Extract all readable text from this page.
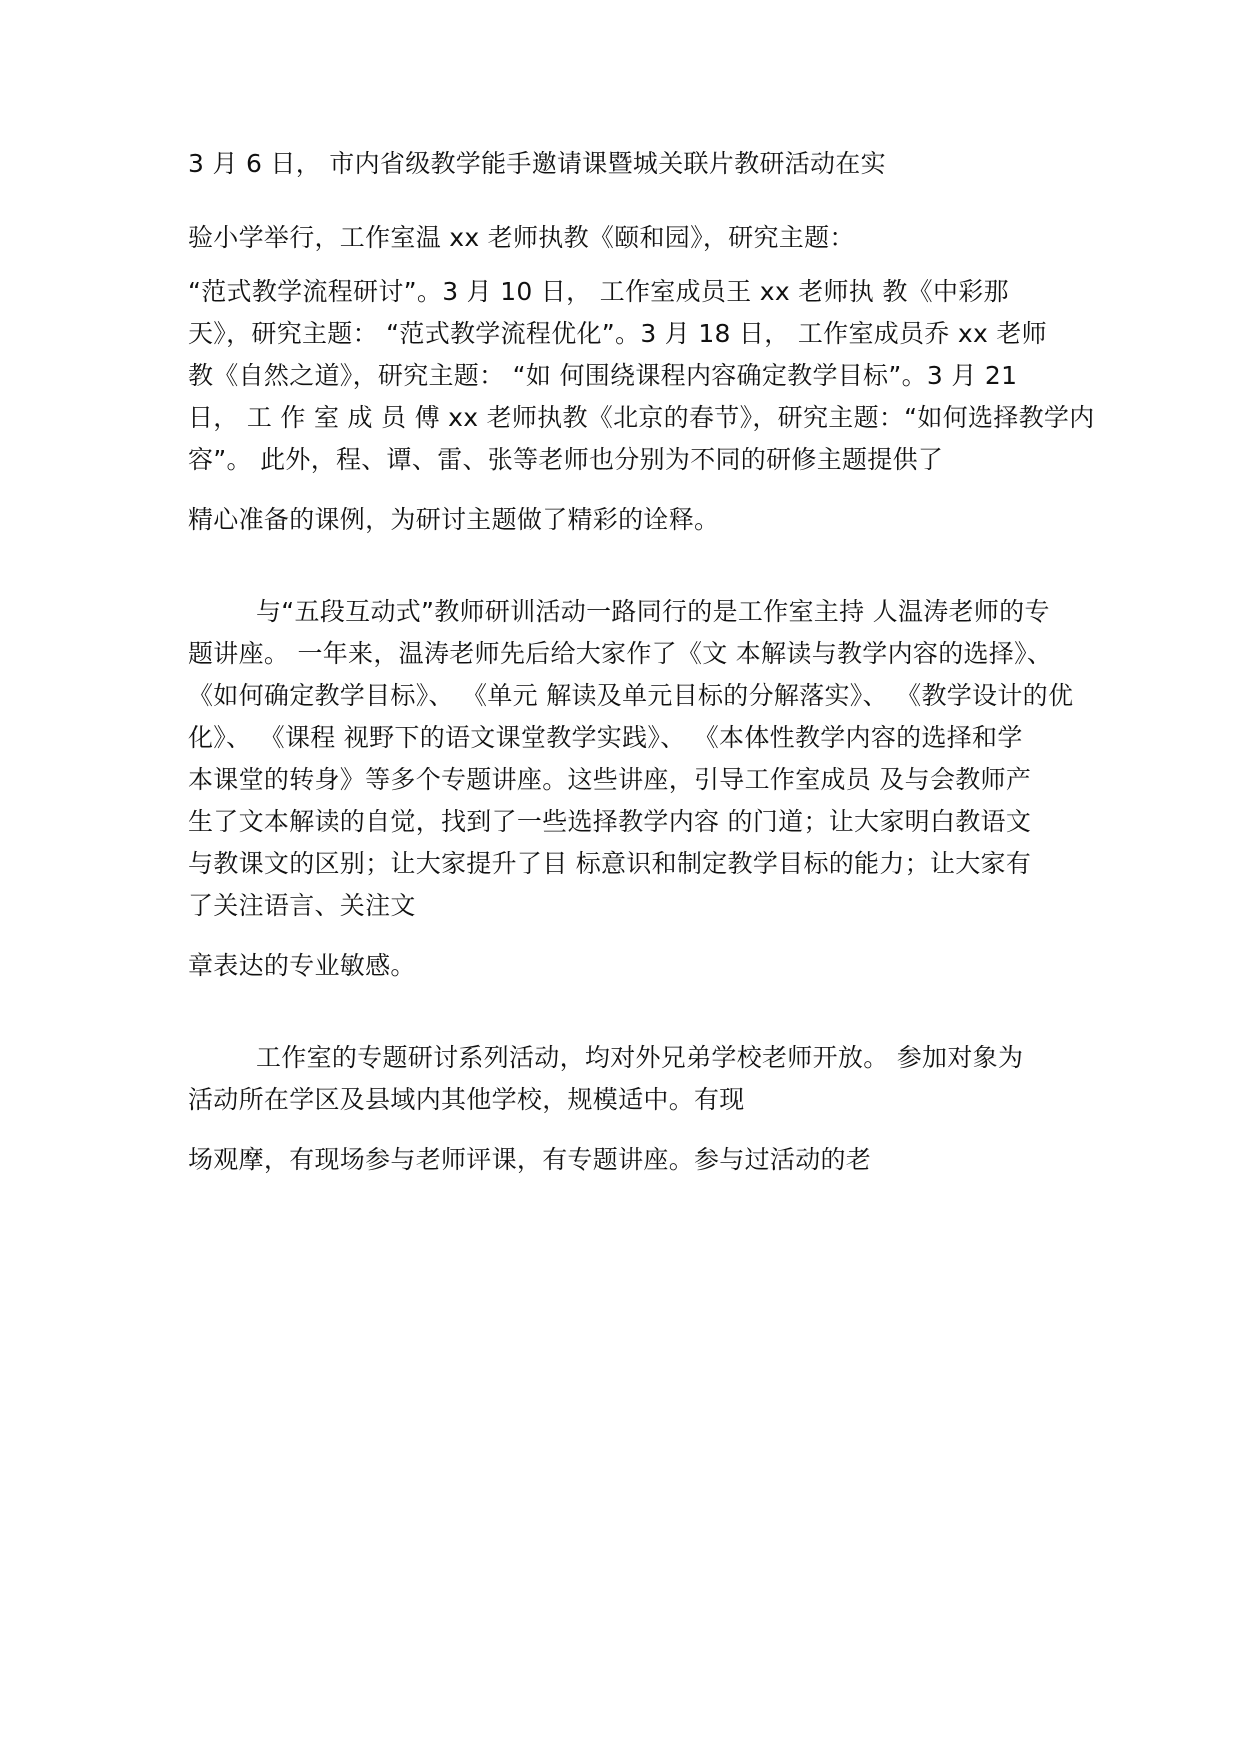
3 月 6 日， 市内省级教学能手邀请课暨城关联片教研活动在实
验小学举行，工作室温 xx 老师执教《颐和园》，研究主题：
“范式教学流程研讨”。3 月 10 日， 工作室成员王 xx 老师执 教《中彩那
天》，研究主题： “范式教学流程优化”。3 月 18 日， 工作室成员乔 xx 老师
教《自然之道》，研究主题： “如 何围绕课程内容确定教学目标”。3 月 21
日， 工 作 室 成 员 傅 xx 老师执教《北京的春节》，研究主题：“如何选择教学内
容”。 此外，程、谭、雷、张等老师也分别为不同的研修主题提供了
精心准备的课例，为研讨主题做了精彩的诠释。
与“五段互动式”教师研训活动一路同行的是工作室主持 人温涛老师的专
题讲座。 一年来，温涛老师先后给大家作了《文 本解读与教学内容的选择》、
《如何确定教学目标》、 《单元 解读及单元目标的分解落实》、 《教学设计的优
化》、 《课程 视野下的语文课堂教学实践》、 《本体性教学内容的选择和学
本课堂的转身》等多个专题讲座。这些讲座，引导工作室成员 及与会教师产
生了文本解读的自觉，找到了一些选择教学内容 的门道；让大家明白教语文
与教课文的区别；让大家提升了目 标意识和制定教学目标的能力；让大家有
了关注语言、关注文
章表达的专业敏感。
工作室的专题研讨系列活动，均对外兄弟学校老师开放。 参加对象为
活动所在学区及县域内其他学校，规模适中。有现
场观摩，有现场参与老师评课，有专题讲座。参与过活动的老
